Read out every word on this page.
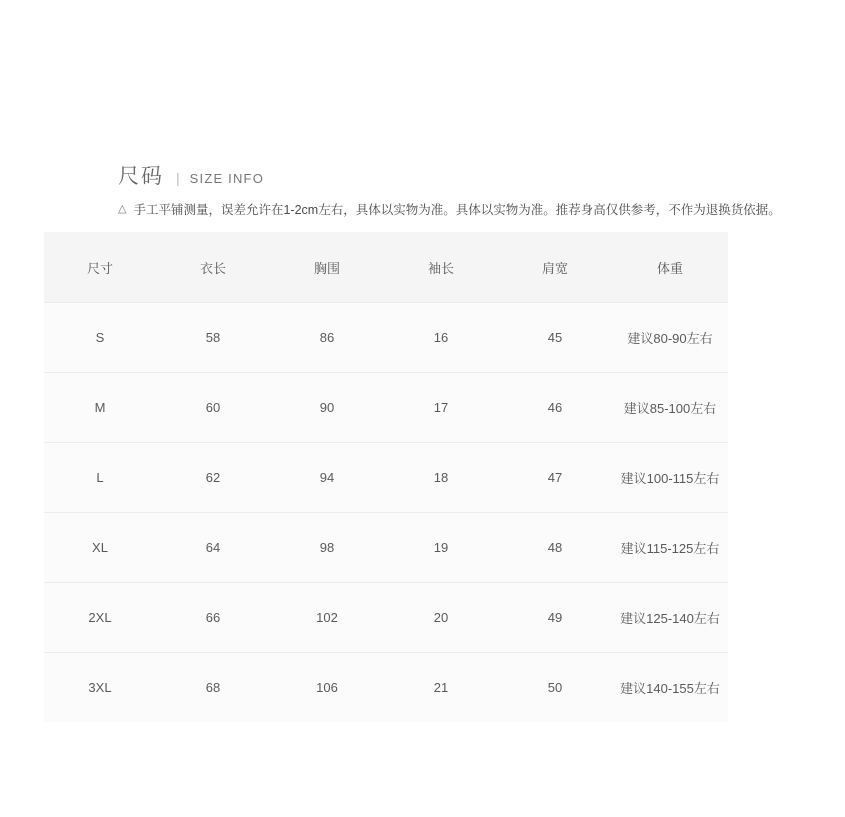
尺码 | SIZE INFO
△ 手工平铺测量，误差允许在1-2cm左右，具体以实物为准。具体以实物为准。推荐身高仅供参考，不作为退换货依据。
尺寸	衣长	胸围	袖长	肩宽	体重
S	58	86	16	45	建议80-90左右
M	60	90	17	46	建议85-100左右
L	62	94	18	47	建议100-115左右
XL	64	98	19	48	建议115-125左右
2XL	66	102	20	49	建议125-140左右
3XL	68	106	21	50	建议140-155左右
